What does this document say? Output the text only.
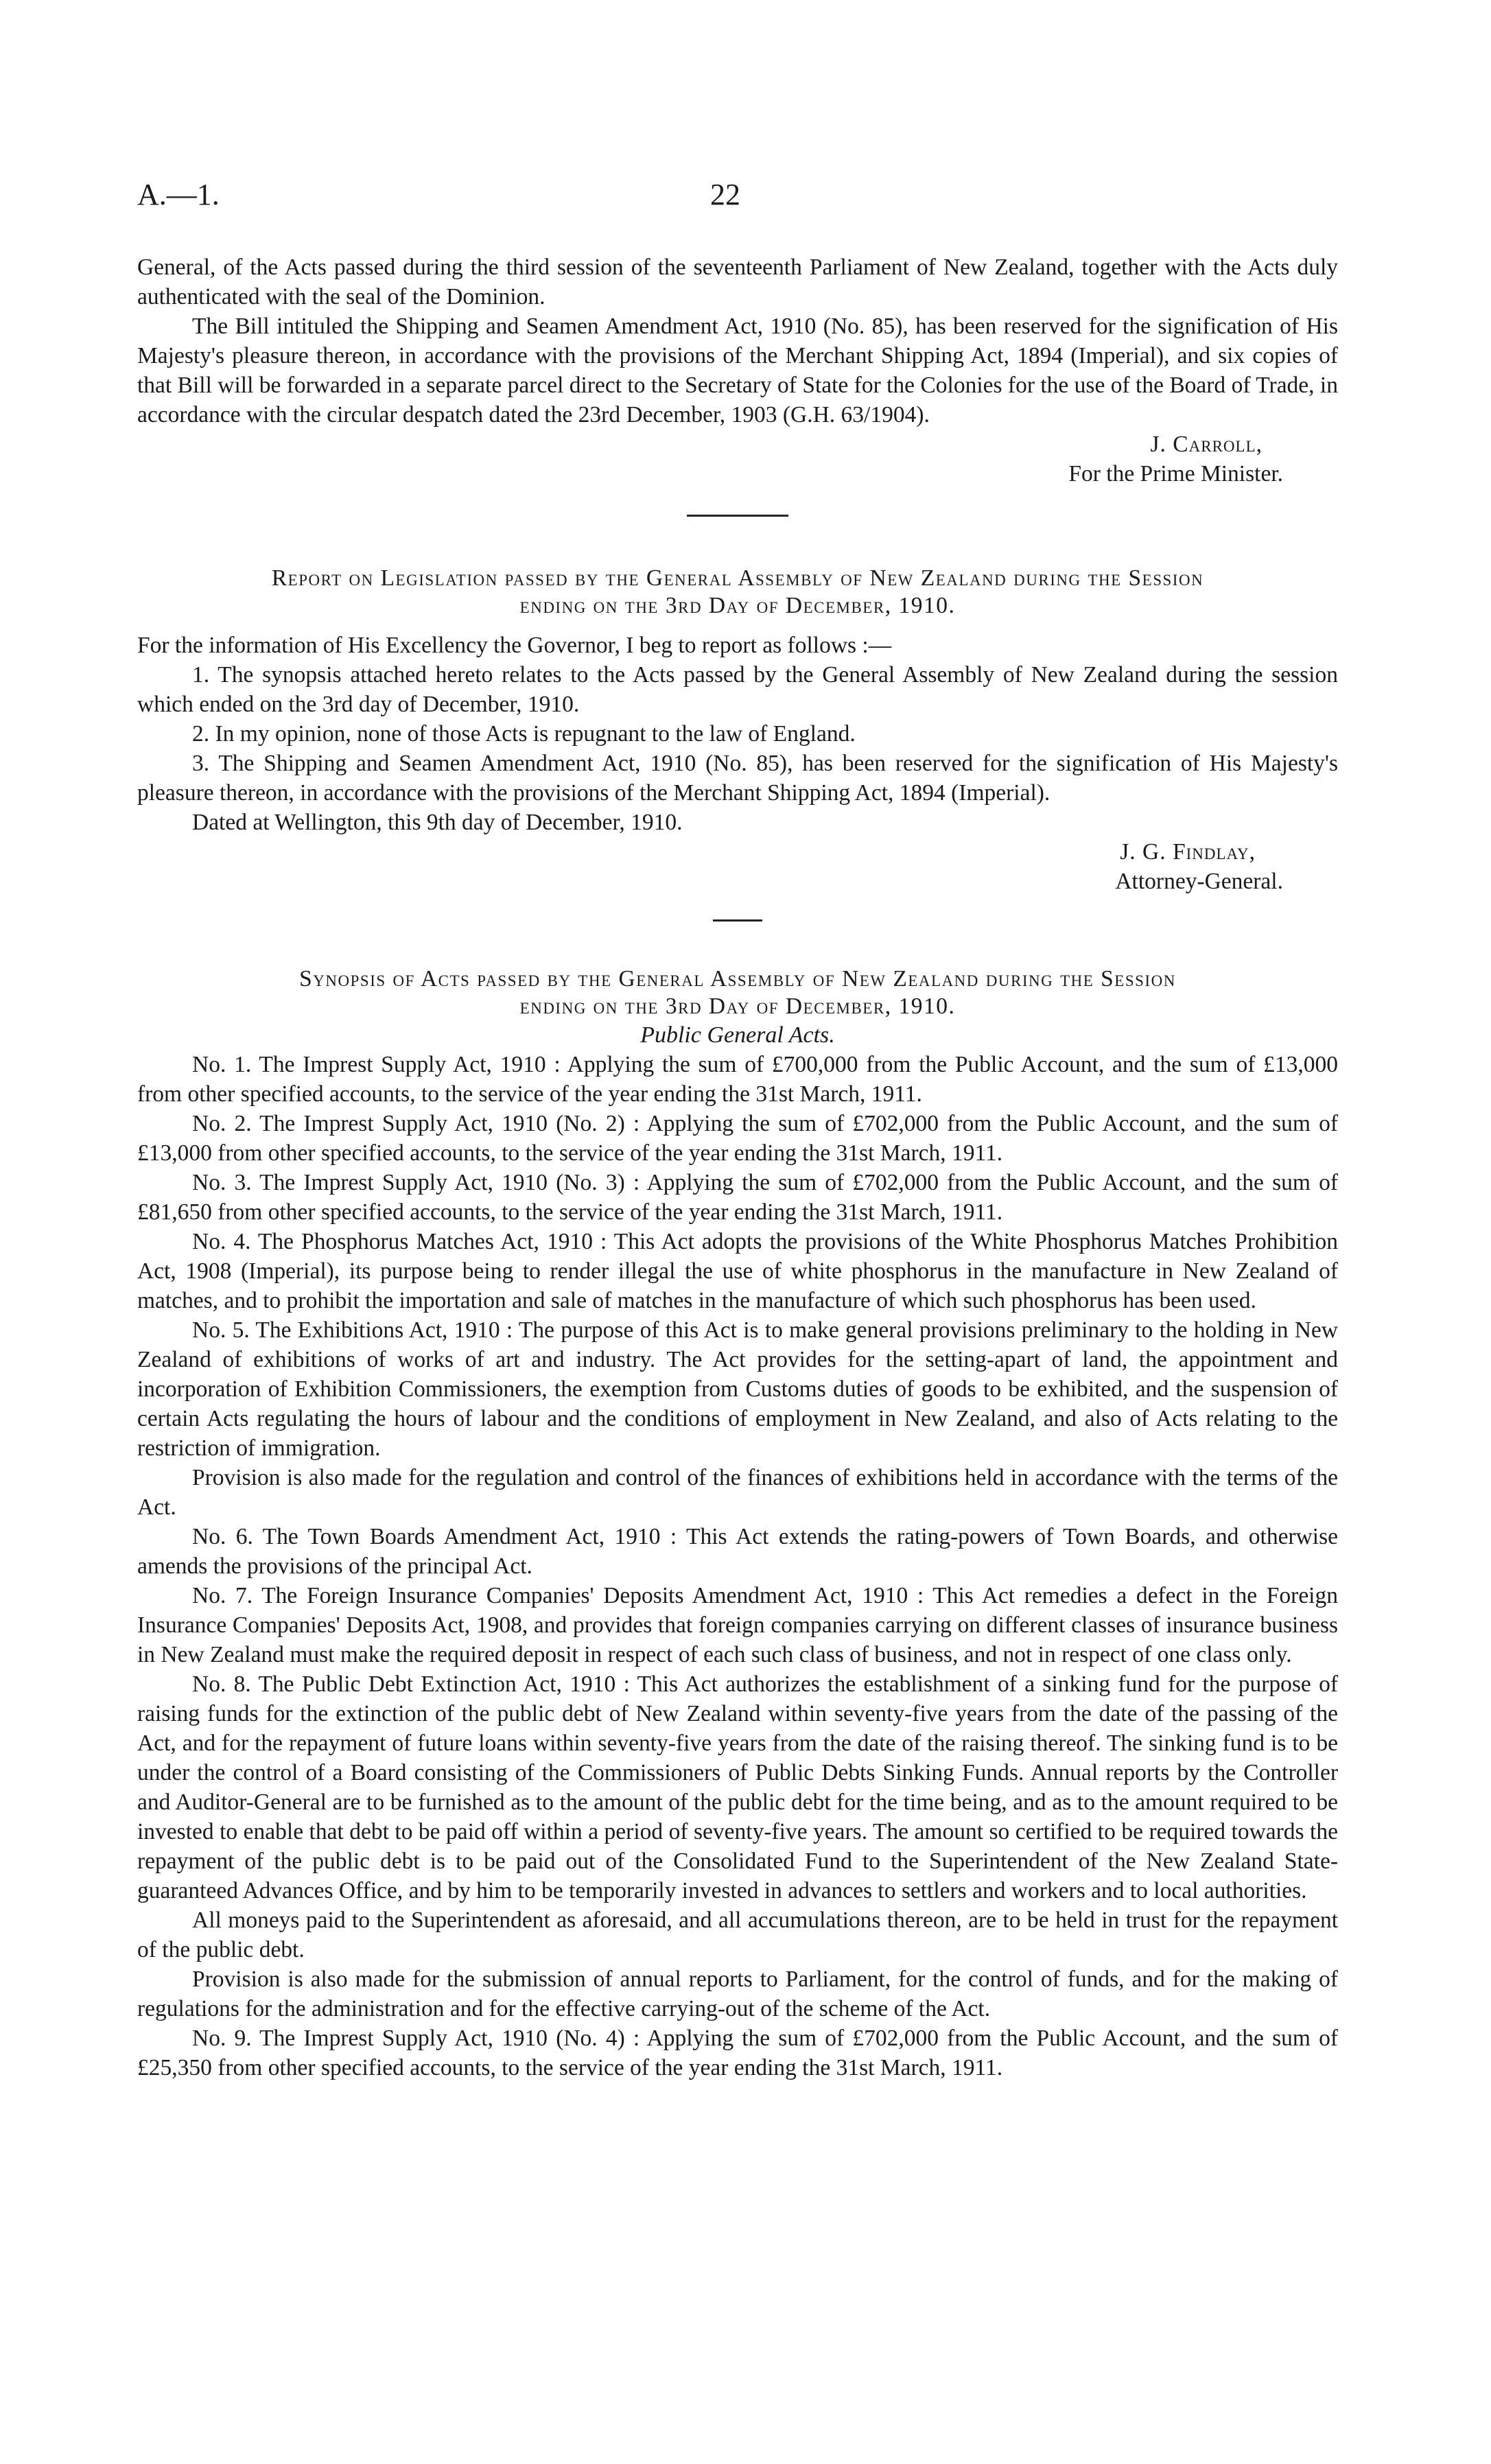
A.—1.	22

General, of the Acts passed during the third session of the seventeenth Parliament of New Zealand, together with the Acts duly authenticated with the seal of the Dominion.

The Bill intituled the Shipping and Seamen Amendment Act, 1910 (No. 85), has been reserved for the signification of His Majesty's pleasure thereon, in accordance with the provisions of the Merchant Shipping Act, 1894 (Imperial), and six copies of that Bill will be forwarded in a separate parcel direct to the Secretary of State for the Colonies for the use of the Board of Trade, in accordance with the circular despatch dated the 23rd December, 1903 (G.H. 63/1904).

J. Carroll,

For the Prime Minister.

Report on Legislation passed by the General Assembly of New Zealand during the Session

ending on the 3rd Day of December, 1910.

For the information of His Excellency the Governor, I beg to report as follows :—

1. The synopsis attached hereto relates to the Acts passed by the General Assembly of New Zealand during the session which ended on the 3rd day of December, 1910.

2. In my opinion, none of those Acts is repugnant to the law of England.

3. The Shipping and Seamen Amendment Act, 1910 (No. 85), has been reserved for the signification of His Majesty's pleasure thereon, in accordance with the provisions of the Merchant Shipping Act, 1894 (Imperial).

Dated at Wellington, this 9th day of December, 1910.

J. G. Findlay,

Attorney-General.

Synopsis of Acts passed by the General Assembly of New Zealand during the Session

ending on the 3rd Day of December, 1910.

Public General Acts.

No. 1. The Imprest Supply Act, 1910 : Applying the sum of £700,000 from the Public Account, and the sum of £13,000 from other specified accounts, to the service of the year ending the 31st March, 1911.

No. 2. The Imprest Supply Act, 1910 (No. 2) : Applying the sum of £702,000 from the Public Account, and the sum of £13,000 from other specified accounts, to the service of the year ending the 31st March, 1911.

No. 3. The Imprest Supply Act, 1910 (No. 3) : Applying the sum of £702,000 from the Public Account, and the sum of £81,650 from other specified accounts, to the service of the year ending the 31st March, 1911.

No. 4. The Phosphorus Matches Act, 1910 : This Act adopts the provisions of the White Phosphorus Matches Prohibition Act, 1908 (Imperial), its purpose being to render illegal the use of white phosphorus in the manufacture in New Zealand of matches, and to prohibit the importation and sale of matches in the manufacture of which such phosphorus has been used.

No. 5. The Exhibitions Act, 1910 : The purpose of this Act is to make general provisions preliminary to the holding in New Zealand of exhibitions of works of art and industry. The Act provides for the setting-apart of land, the appointment and incorporation of Exhibition Commissioners, the exemption from Customs duties of goods to be exhibited, and the suspension of certain Acts regulating the hours of labour and the conditions of employment in New Zealand, and also of Acts relating to the restriction of immigration.

Provision is also made for the regulation and control of the finances of exhibitions held in accordance with the terms of the Act.

No. 6. The Town Boards Amendment Act, 1910 : This Act extends the rating-powers of Town Boards, and otherwise amends the provisions of the principal Act.

No. 7. The Foreign Insurance Companies' Deposits Amendment Act, 1910 : This Act remedies a defect in the Foreign Insurance Companies' Deposits Act, 1908, and provides that foreign companies carrying on different classes of insurance business in New Zealand must make the required deposit in respect of each such class of business, and not in respect of one class only.

No. 8. The Public Debt Extinction Act, 1910 : This Act authorizes the establishment of a sinking fund for the purpose of raising funds for the extinction of the public debt of New Zealand within seventy-five years from the date of the passing of the Act, and for the repayment of future loans within seventy-five years from the date of the raising thereof. The sinking fund is to be under the control of a Board consisting of the Commissioners of Public Debts Sinking Funds. Annual reports by the Controller and Auditor-General are to be furnished as to the amount of the public debt for the time being, and as to the amount required to be invested to enable that debt to be paid off within a period of seventy-five years. The amount so certified to be required towards the repayment of the public debt is to be paid out of the Consolidated Fund to the Superintendent of the New Zealand State-guaranteed Advances Office, and by him to be temporarily invested in advances to settlers and workers and to local authorities.

All moneys paid to the Superintendent as aforesaid, and all accumulations thereon, are to be held in trust for the repayment of the public debt.

Provision is also made for the submission of annual reports to Parliament, for the control of funds, and for the making of regulations for the administration and for the effective carrying-out of the scheme of the Act.

No. 9. The Imprest Supply Act, 1910 (No. 4) : Applying the sum of £702,000 from the Public Account, and the sum of £25,350 from other specified accounts, to the service of the year ending the 31st March, 1911.
